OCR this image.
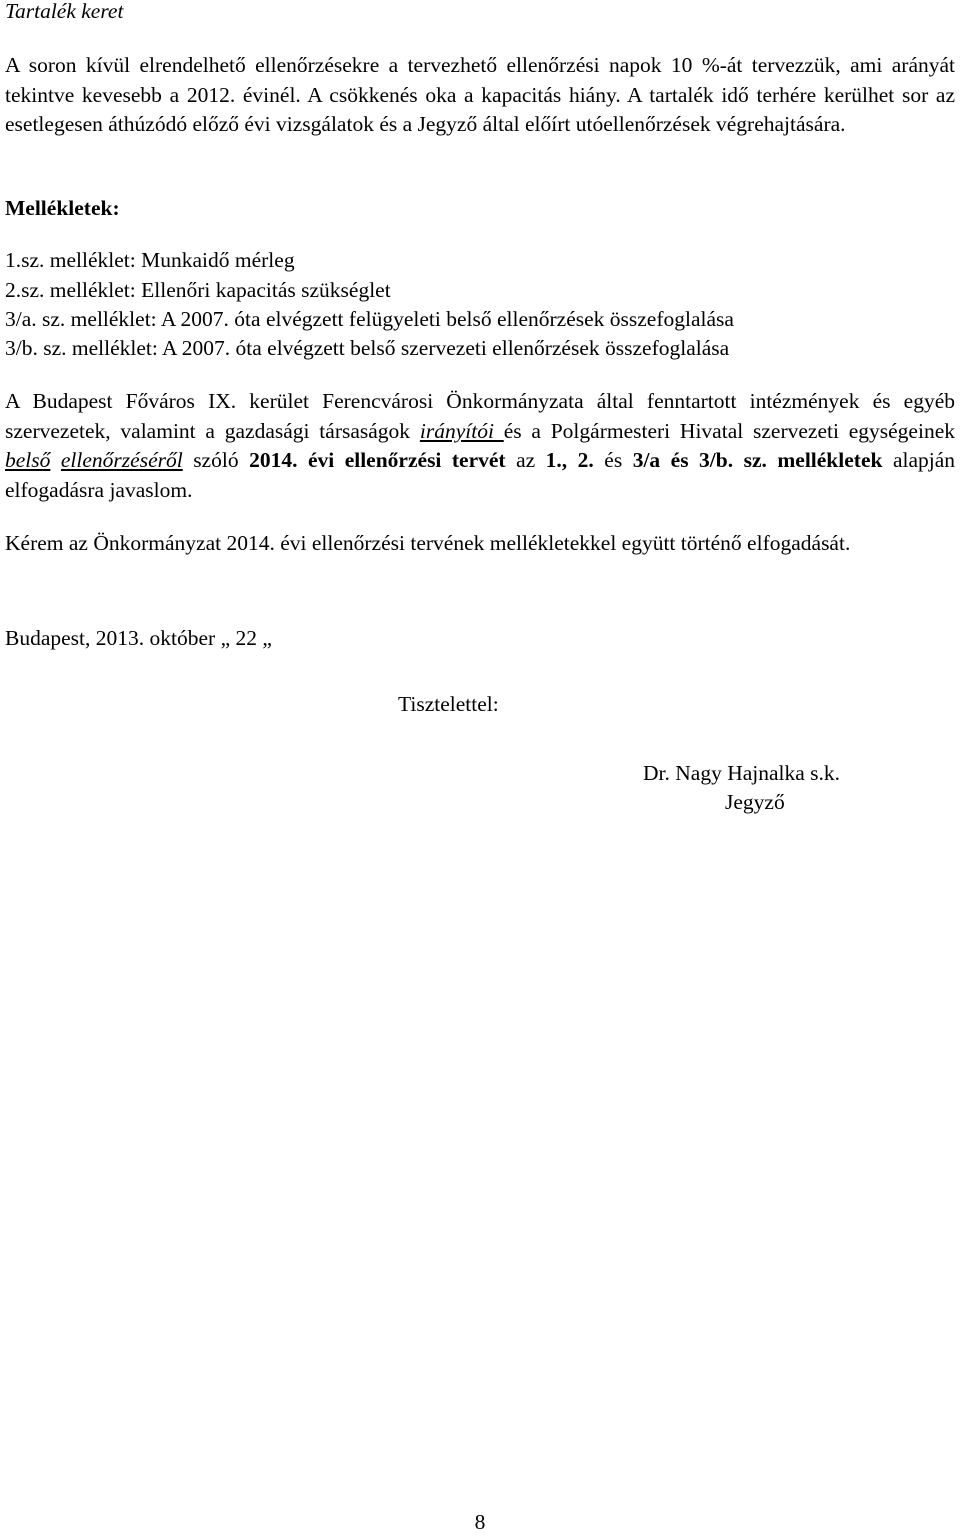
Tartalék keret
A soron kívül elrendelhető ellenőrzésekre a tervezhető ellenőrzési napok 10 %-át tervezzük, ami arányát tekintve kevesebb a 2012. évinél. A csökkenés oka a kapacitás hiány. A tartalék idő terhére kerülhet sor az esetlegesen áthúzódó előző évi vizsgálatok és a Jegyző által előírt utóellenőrzések végrehajtására.
Mellékletek:
1.sz. melléklet: Munkaidő mérleg
2.sz. melléklet: Ellenőri kapacitás szükséglet
3/a. sz. melléklet: A 2007. óta elvégzett felügyeleti belső ellenőrzések összefoglalása
3/b. sz. melléklet: A 2007. óta elvégzett belső szervezeti ellenőrzések összefoglalása
A Budapest Főváros IX. kerület Ferencvárosi Önkormányzata által fenntartott intézmények és egyéb szervezetek, valamint a gazdasági társaságok irányítói és a Polgármesteri Hivatal szervezeti egységeinek belső ellenőrzéséről szóló 2014. évi ellenőrzési tervét az 1., 2. és 3/a és 3/b. sz. mellékletek alapján elfogadásra javaslom.
Kérem az Önkormányzat 2014. évi ellenőrzési tervének mellékletekkel együtt történő elfogadását.
Budapest, 2013. október „ 22 „
Tisztelettel:
Dr. Nagy Hajnalka s.k.
Jegyző
8
